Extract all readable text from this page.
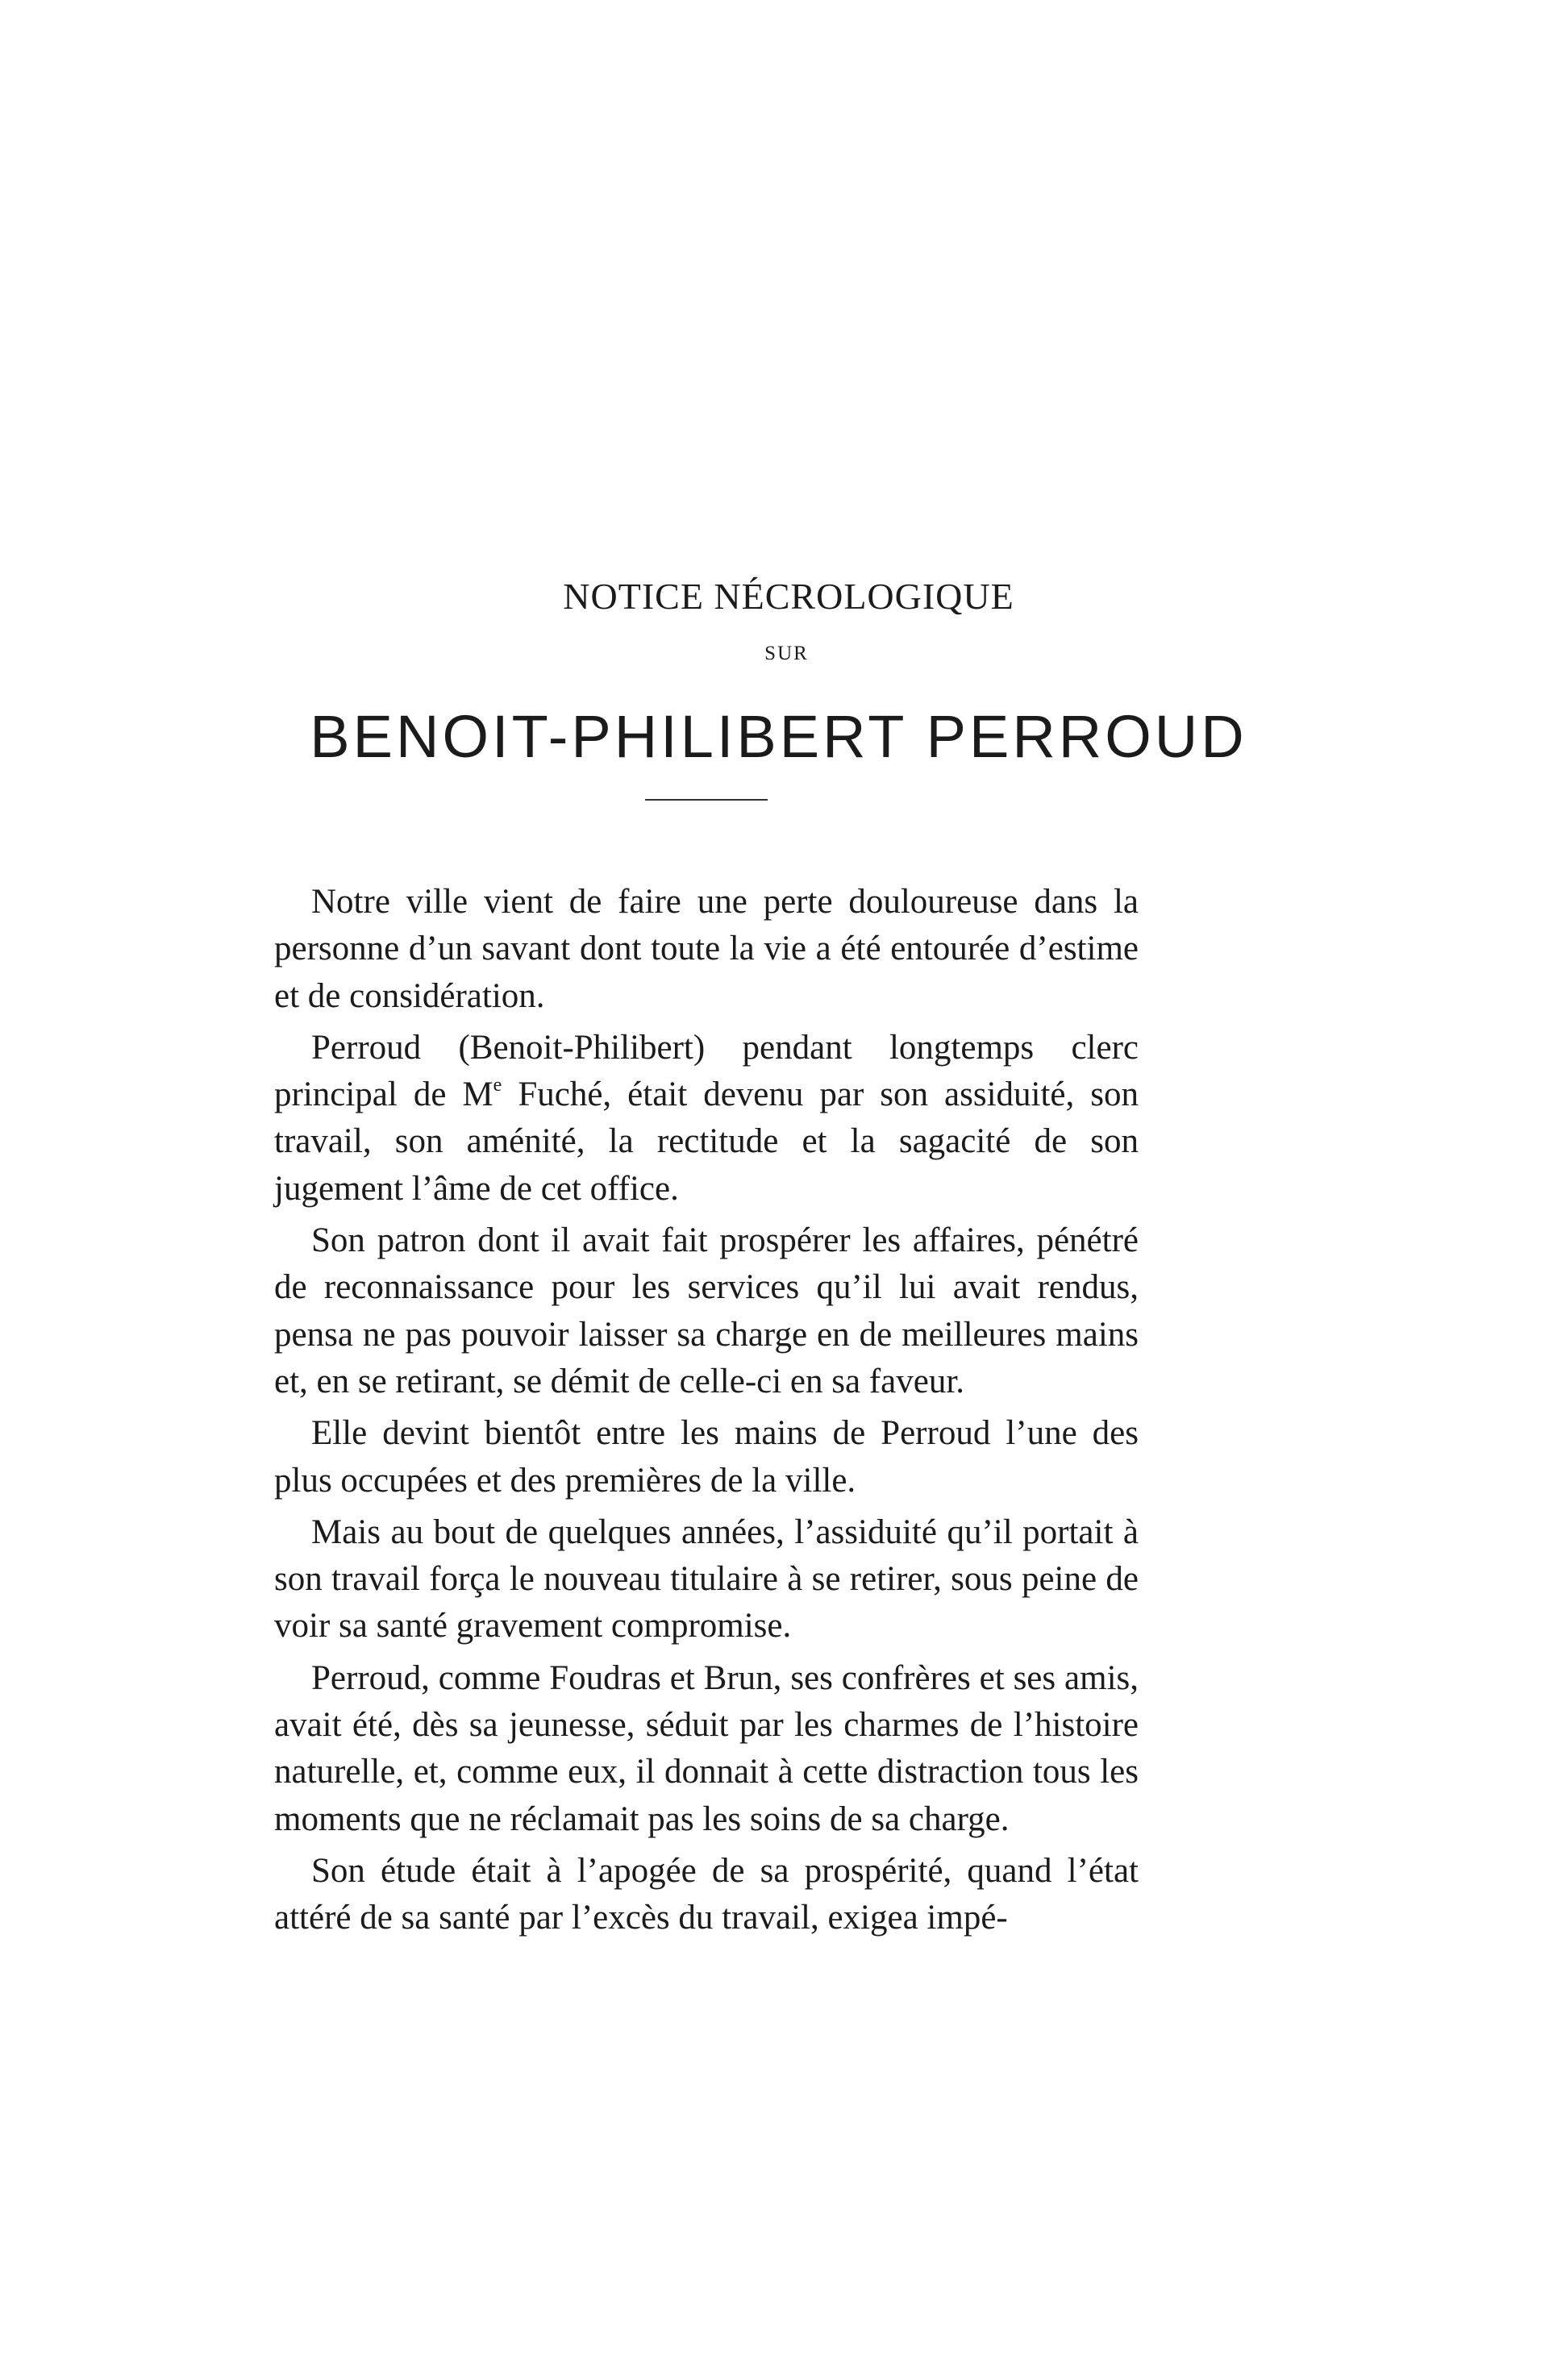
NOTICE NÉCROLOGIQUE
SUR
BENOIT-PHILIBERT PERROUD

Notre ville vient de faire une perte douloureuse dans la personne d’un savant dont toute la vie a été entourée d’estime et de considération.

Perroud (Benoit-Philibert) pendant longtemps clerc principal de Me Fuché, était devenu par son assiduité, son travail, son aménité, la rectitude et la sagacité de son jugement l’âme de cet office.

Son patron dont il avait fait prospérer les affaires, pénétré de reconnaissance pour les services qu’il lui avait rendus, pensa ne pas pouvoir laisser sa charge en de meilleures mains et, en se retirant, se démit de celle-ci en sa faveur.

Elle devint bientôt entre les mains de Perroud l’une des plus occupées et des premières de la ville.

Mais au bout de quelques années, l’assiduité qu’il portait à son travail força le nouveau titulaire à se retirer, sous peine de voir sa santé gravement compromise.

Perroud, comme Foudras et Brun, ses confrères et ses amis, avait été, dès sa jeunesse, séduit par les charmes de l’histoire naturelle, et, comme eux, il donnait à cette distraction tous les moments que ne réclamait pas les soins de sa charge.

Son étude était à l’apogée de sa prospérité, quand l’état attéré de sa santé par l’excès du travail, exigea impé-
